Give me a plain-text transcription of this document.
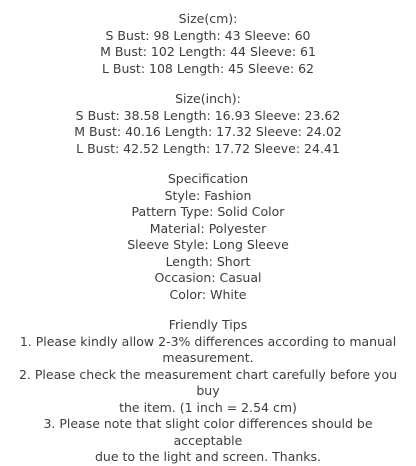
Size(cm):
S Bust: 98 Length: 43 Sleeve: 60
M Bust: 102 Length: 44 Sleeve: 61
L Bust: 108 Length: 45 Sleeve: 62
Size(inch):
S Bust: 38.58 Length: 16.93 Sleeve: 23.62
M Bust: 40.16 Length: 17.32 Sleeve: 24.02
L Bust: 42.52 Length: 17.72 Sleeve: 24.41
Specification
Style: Fashion
Pattern Type: Solid Color
Material: Polyester
Sleeve Style: Long Sleeve
Length: Short
Occasion: Casual
Color: White
Friendly Tips
1. Please kindly allow 2-3% differences according to manual
measurement.
2. Please check the measurement chart carefully before you buy
the item. (1 inch = 2.54 cm)
3. Please note that slight color differences should be acceptable
due to the light and screen. Thanks.
